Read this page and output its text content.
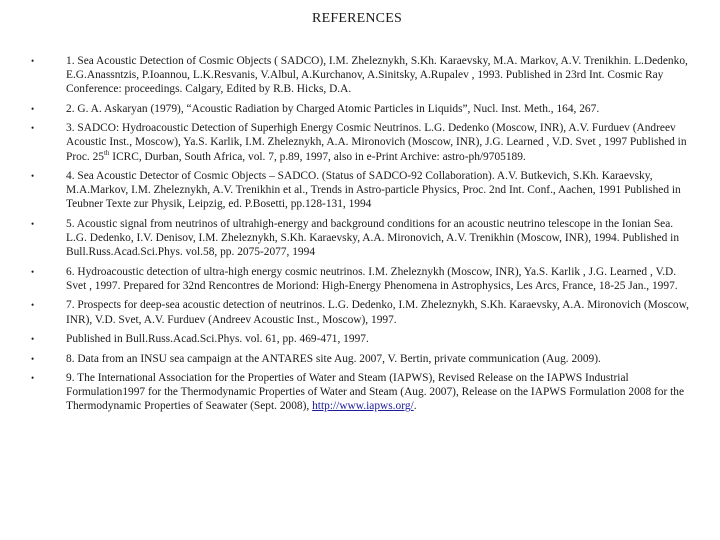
REFERENCES
•	1. Sea Acoustic Detection of Cosmic Objects ( SADCO), I.M. Zheleznykh, S.Kh. Karaevsky, M.A. Markov, A.V. Trenikhin. L.Dedenko, E.G.Anassntzis, P.Ioannou, L.K.Resvanis, V.Albul, A.Kurchanov, A.Sinitsky, A.Rupalev , 1993. Published in 23rd Int. Cosmic Ray Conference: proceedings. Calgary, Edited by R.B. Hicks, D.A.
•	2. G. A. Askaryan (1979), “Acoustic Radiation by Charged Atomic Particles in Liquids”, Nucl. Inst. Meth., 164, 267.
•	3. SADCO: Hydroacoustic Detection of Superhigh Energy Cosmic Neutrinos. L.G. Dedenko (Moscow, INR), A.V. Furduev (Andreev Acoustic Inst., Moscow), Ya.S. Karlik, I.M. Zheleznykh, A.A. Mironovich (Moscow, INR), J.G. Learned , V.D. Svet , 1997 Published in Proc. 25th ICRC, Durban, South Africa, vol. 7, p.89, 1997, also in e-Print Archive: astro-ph/9705189.
•	4. Sea Acoustic Detector of Cosmic Objects – SADCO. (Status of SADCO-92 Collaboration). A.V. Butkevich, S.Kh. Karaevsky, M.A.Markov, I.M. Zheleznykh, A.V. Trenikhin et al., Trends in Astro-particle Physics, Proc. 2nd Int. Conf., Aachen, 1991 Published in Teubner Texte zur Physik, Leipzig, ed. P.Bosetti, pp.128-131, 1994
•	5. Acoustic signal from neutrinos of ultrahigh-energy and background conditions for an acoustic neutrino telescope in the Ionian Sea. L.G. Dedenko, I.V. Denisov, I.M. Zheleznykh, S.Kh. Karaevsky, A.A. Mironovich, A.V. Trenikhin (Moscow, INR), 1994. Published in Bull.Russ.Acad.Sci.Phys. vol.58, pp. 2075-2077, 1994
•	6. Hydroacoustic detection of ultra-high energy cosmic neutrinos. I.M. Zheleznykh (Moscow, INR), Ya.S. Karlik , J.G. Learned , V.D. Svet , 1997. Prepared for 32nd Rencontres de Moriond: High-Energy Phenomena in Astrophysics, Les Arcs, France, 18-25 Jan., 1997.
•	7. Prospects for deep-sea acoustic detection of neutrinos. L.G. Dedenko, I.M. Zheleznykh, S.Kh. Karaevsky, A.A. Mironovich (Moscow, INR), V.D. Svet, A.V. Furduev (Andreev Acoustic Inst., Moscow), 1997.
•	Published in Bull.Russ.Acad.Sci.Phys. vol. 61, pp. 469-471, 1997.
•	8. Data from an INSU sea campaign at the ANTARES site Aug. 2007, V. Bertin, private communication (Aug. 2009).
•	9. The International Association for the Properties of Water and Steam (IAPWS), Revised Release on the IAPWS Industrial Formulation1997 for the Thermodynamic Properties of Water and Steam (Aug. 2007), Release on the IAPWS Formulation 2008 for the Thermodynamic Properties of Seawater (Sept. 2008), http://www.iapws.org/.
